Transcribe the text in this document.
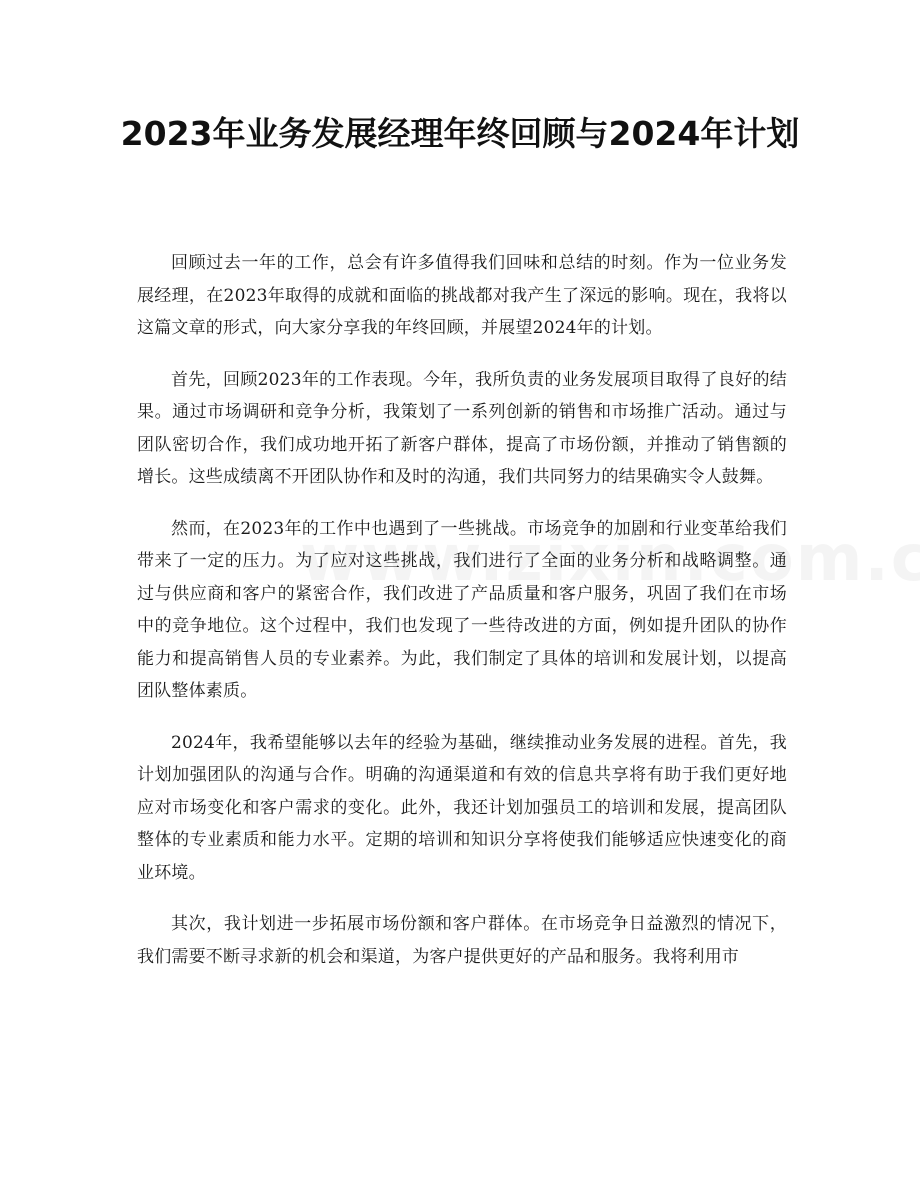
2023年业务发展经理年终回顾与2024年计划

回顾过去一年的工作，总会有许多值得我们回味和总结的时刻。作为一位业务发展经理，在2023年取得的成就和面临的挑战都对我产生了深远的影响。现在，我将以这篇文章的形式，向大家分享我的年终回顾，并展望2024年的计划。

首先，回顾2023年的工作表现。今年，我所负责的业务发展项目取得了良好的结果。通过市场调研和竞争分析，我策划了一系列创新的销售和市场推广活动。通过与团队密切合作，我们成功地开拓了新客户群体，提高了市场份额，并推动了销售额的增长。这些成绩离不开团队协作和及时的沟通，我们共同努力的结果确实令人鼓舞。

然而，在2023年的工作中也遇到了一些挑战。市场竞争的加剧和行业变革给我们带来了一定的压力。为了应对这些挑战，我们进行了全面的业务分析和战略调整。通过与供应商和客户的紧密合作，我们改进了产品质量和客户服务，巩固了我们在市场中的竞争地位。这个过程中，我们也发现了一些待改进的方面，例如提升团队的协作能力和提高销售人员的专业素养。为此，我们制定了具体的培训和发展计划，以提高团队整体素质。

2024年，我希望能够以去年的经验为基础，继续推动业务发展的进程。首先，我计划加强团队的沟通与合作。明确的沟通渠道和有效的信息共享将有助于我们更好地应对市场变化和客户需求的变化。此外，我还计划加强员工的培训和发展，提高团队整体的专业素质和能力水平。定期的培训和知识分享将使我们能够适应快速变化的商业环境。

其次，我计划进一步拓展市场份额和客户群体。在市场竞争日益激烈的情况下，我们需要不断寻求新的机会和渠道，为客户提供更好的产品和服务。我将利用市
